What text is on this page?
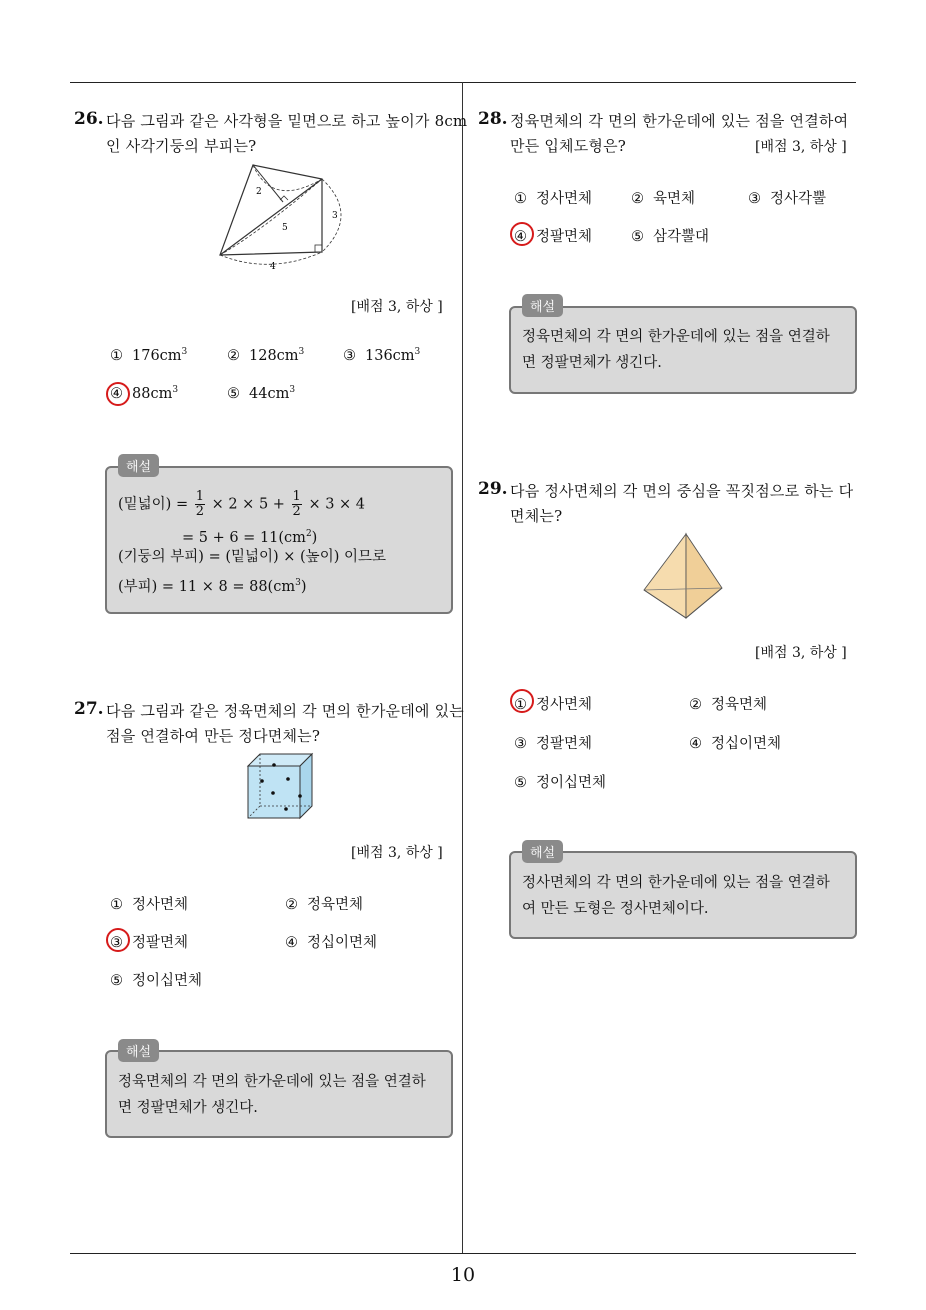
26. 다음 그림과 같은 사각형을 밑면으로 하고 높이가 8cm
인 사각기둥의 부피는?
2
5
3
4
[배점 3, 하상 ]
① $176cm^3$	② $128cm^3$	③ $136cm^3$
④ $88cm^3$	⑤ $44cm^3$
해설
(밑넓이) = $\frac{1}{2} \times 2 \times 5 + \frac{1}{2} \times 3 \times 4$
= $5 + 6 = 11(cm^2)$
(기둥의 부피) = (밑넓이) × (높이) 이므로
(부피) = $11 \times 8 = 88(cm^3)$
27. 다음 그림과 같은 정육면체의 각 면의 한가운데에 있는
점을 연결하여 만든 정다면체는?
[배점 3, 하상 ]
① 정사면체	② 정육면체
③ 정팔면체	④ 정십이면체
⑤ 정이십면체
해설
정육면체의 각 면의 한가운데에 있는 점을 연결하
면 정팔면체가 생긴다.
28. 정육면체의 각 면의 한가운데에 있는 점을 연결하여
만든 입체도형은?	[배점 3, 하상 ]
① 정사면체	② 육면체	③ 정사각뿔
④ 정팔면체	⑤ 삼각뿔대
해설
정육면체의 각 면의 한가운데에 있는 점을 연결하
면 정팔면체가 생긴다.
29. 다음 정사면체의 각 면의 중심을 꼭짓점으로 하는 다
면체는?
[배점 3, 하상 ]
① 정사면체	② 정육면체
③ 정팔면체	④ 정십이면체
⑤ 정이십면체
해설
정사면체의 각 면의 한가운데에 있는 점을 연결하
여 만든 도형은 정사면체이다.
10
